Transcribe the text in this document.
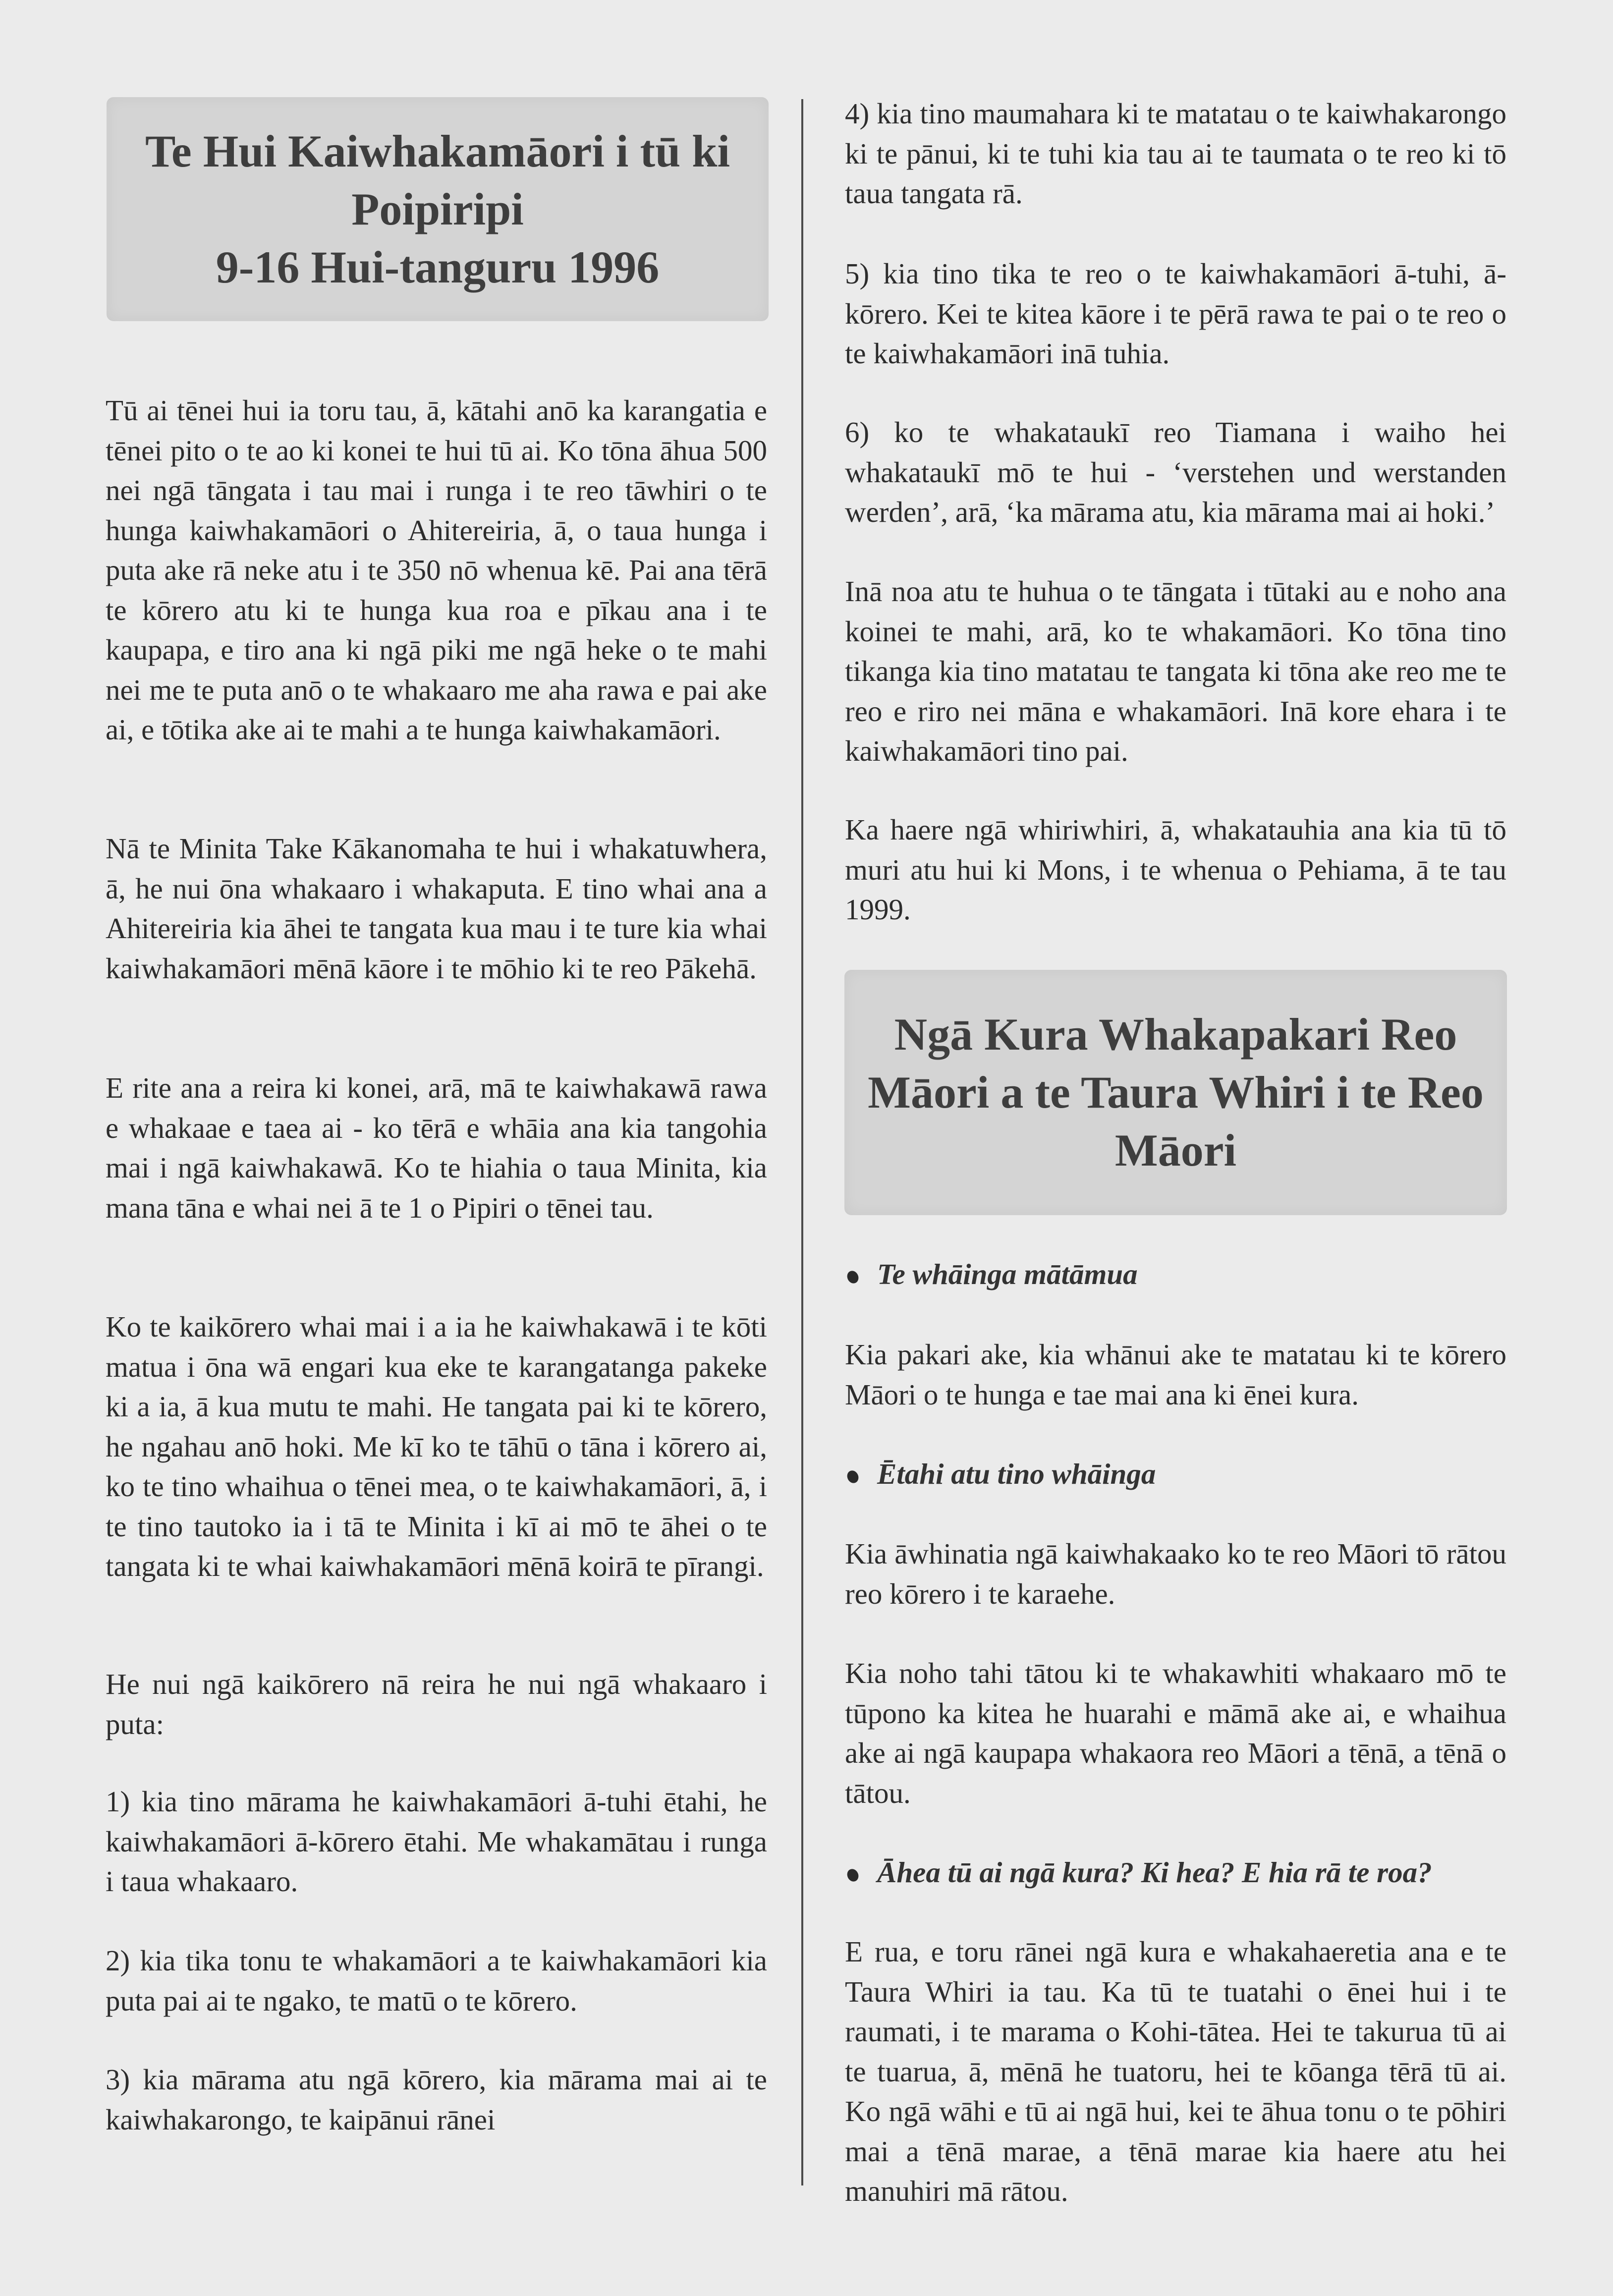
Te Hui Kaiwhakamāori i tū ki
Poipiripi
9-16 Hui-tanguru 1996

Tū ai tēnei hui ia toru tau, ā, kātahi anō ka karangatia e tēnei pito o te ao ki konei te hui tū ai. Ko tōna āhua 500 nei ngā tāngata i tau mai i runga i te reo tāwhiri o te hunga kaiwhakamāori o Ahitereiria, ā, o taua hunga i puta ake rā neke atu i te 350 nō whenua kē. Pai ana tērā te kōrero atu ki te hunga kua roa e pīkau ana i te kaupapa, e tiro ana ki ngā piki me ngā heke o te mahi nei me te puta anō o te whakaaro me aha rawa e pai ake ai, e tōtika ake ai te mahi a te hunga kaiwhakamāori.

Nā te Minita Take Kākanomaha te hui i whakatuwhera, ā, he nui ōna whakaaro i whakaputa. E tino whai ana a Ahitereiria kia āhei te tangata kua mau i te ture kia whai kaiwhakamāori mēnā kāore i te mōhio ki te reo Pākehā.

E rite ana a reira ki konei, arā, mā te kaiwhakawā rawa e whakaae e taea ai - ko tērā e whāia ana kia tangohia mai i ngā kaiwhakawā. Ko te hiahia o taua Minita, kia mana tāna e whai nei ā te 1 o Pipiri o tēnei tau.

Ko te kaikōrero whai mai i a ia he kaiwhakawā i te kōti matua i ōna wā engari kua eke te karangatanga pakeke ki a ia, ā kua mutu te mahi. He tangata pai ki te kōrero, he ngahau anō hoki. Me kī ko te tāhū o tāna i kōrero ai, ko te tino whaihua o tēnei mea, o te kaiwhakamāori, ā, i te tino tautoko ia i tā te Minita i kī ai mō te āhei o te tangata ki te whai kaiwhakamāori mēnā koirā te pīrangi.

He nui ngā kaikōrero nā reira he nui ngā whakaaro i puta:

1) kia tino mārama he kaiwhakamāori ā-tuhi ētahi, he kaiwhakamāori ā-kōrero ētahi. Me whakamātau i runga i taua whakaaro.

2) kia tika tonu te whakamāori a te kaiwhakamāori kia puta pai ai te ngako, te matū o te kōrero.

3) kia mārama atu ngā kōrero, kia mārama mai ai te kaiwhakarongo, te kaipānui rānei

4) kia tino maumahara ki te matatau o te kaiwhakarongo ki te pānui, ki te tuhi kia tau ai te taumata o te reo ki tō taua tangata rā.

5) kia tino tika te reo o te kaiwhakamāori ā-tuhi, ā-kōrero. Kei te kitea kāore i te pērā rawa te pai o te reo o te kaiwhakamāori inā tuhia.

6) ko te whakataukī reo Tiamana i waiho hei whakataukī mō te hui - ‘verstehen und werstanden werden’, arā, ‘ka mārama atu, kia mārama mai ai hoki.’

Inā noa atu te huhua o te tāngata i tūtaki au e noho ana koinei te mahi, arā, ko te whakamāori. Ko tōna tino tikanga kia tino matatau te tangata ki tōna ake reo me te reo e riro nei māna e whakamāori. Inā kore ehara i te kaiwhakamāori tino pai.

Ka haere ngā whiriwhiri, ā, whakatauhia ana kia tū tō muri atu hui ki Mons, i te whenua o Pehiama, ā te tau 1999.

Ngā Kura Whakapakari Reo
Māori a te Taura Whiri i te Reo
Māori
Te whāinga mātāmua

Kia pakari ake, kia whānui ake te matatau ki te kōrero Māori o te hunga e tae mai ana ki ēnei kura.

Ētahi atu tino whāinga

Kia āwhinatia ngā kaiwhakaako ko te reo Māori tō rātou reo kōrero i te karaehe.

Kia noho tahi tātou ki te whakawhiti whakaaro mō te tūpono ka kitea he huarahi e māmā ake ai, e whaihua ake ai ngā kaupapa whakaora reo Māori a tēnā, a tēnā o tātou.

Āhea tū ai ngā kura? Ki hea? E hia rā te roa?

E rua, e toru rānei ngā kura e whakahaeretia ana e te Taura Whiri ia tau. Ka tū te tuatahi o ēnei hui i te raumati, i te marama o Kohi-tātea. Hei te takurua tū ai te tuarua, ā, mēnā he tuatoru, hei te kōanga tērā tū ai. Ko ngā wāhi e tū ai ngā hui, kei te āhua tonu o te pōhiri mai a tēnā marae, a tēnā marae kia haere atu hei manuhiri mā rātou.
